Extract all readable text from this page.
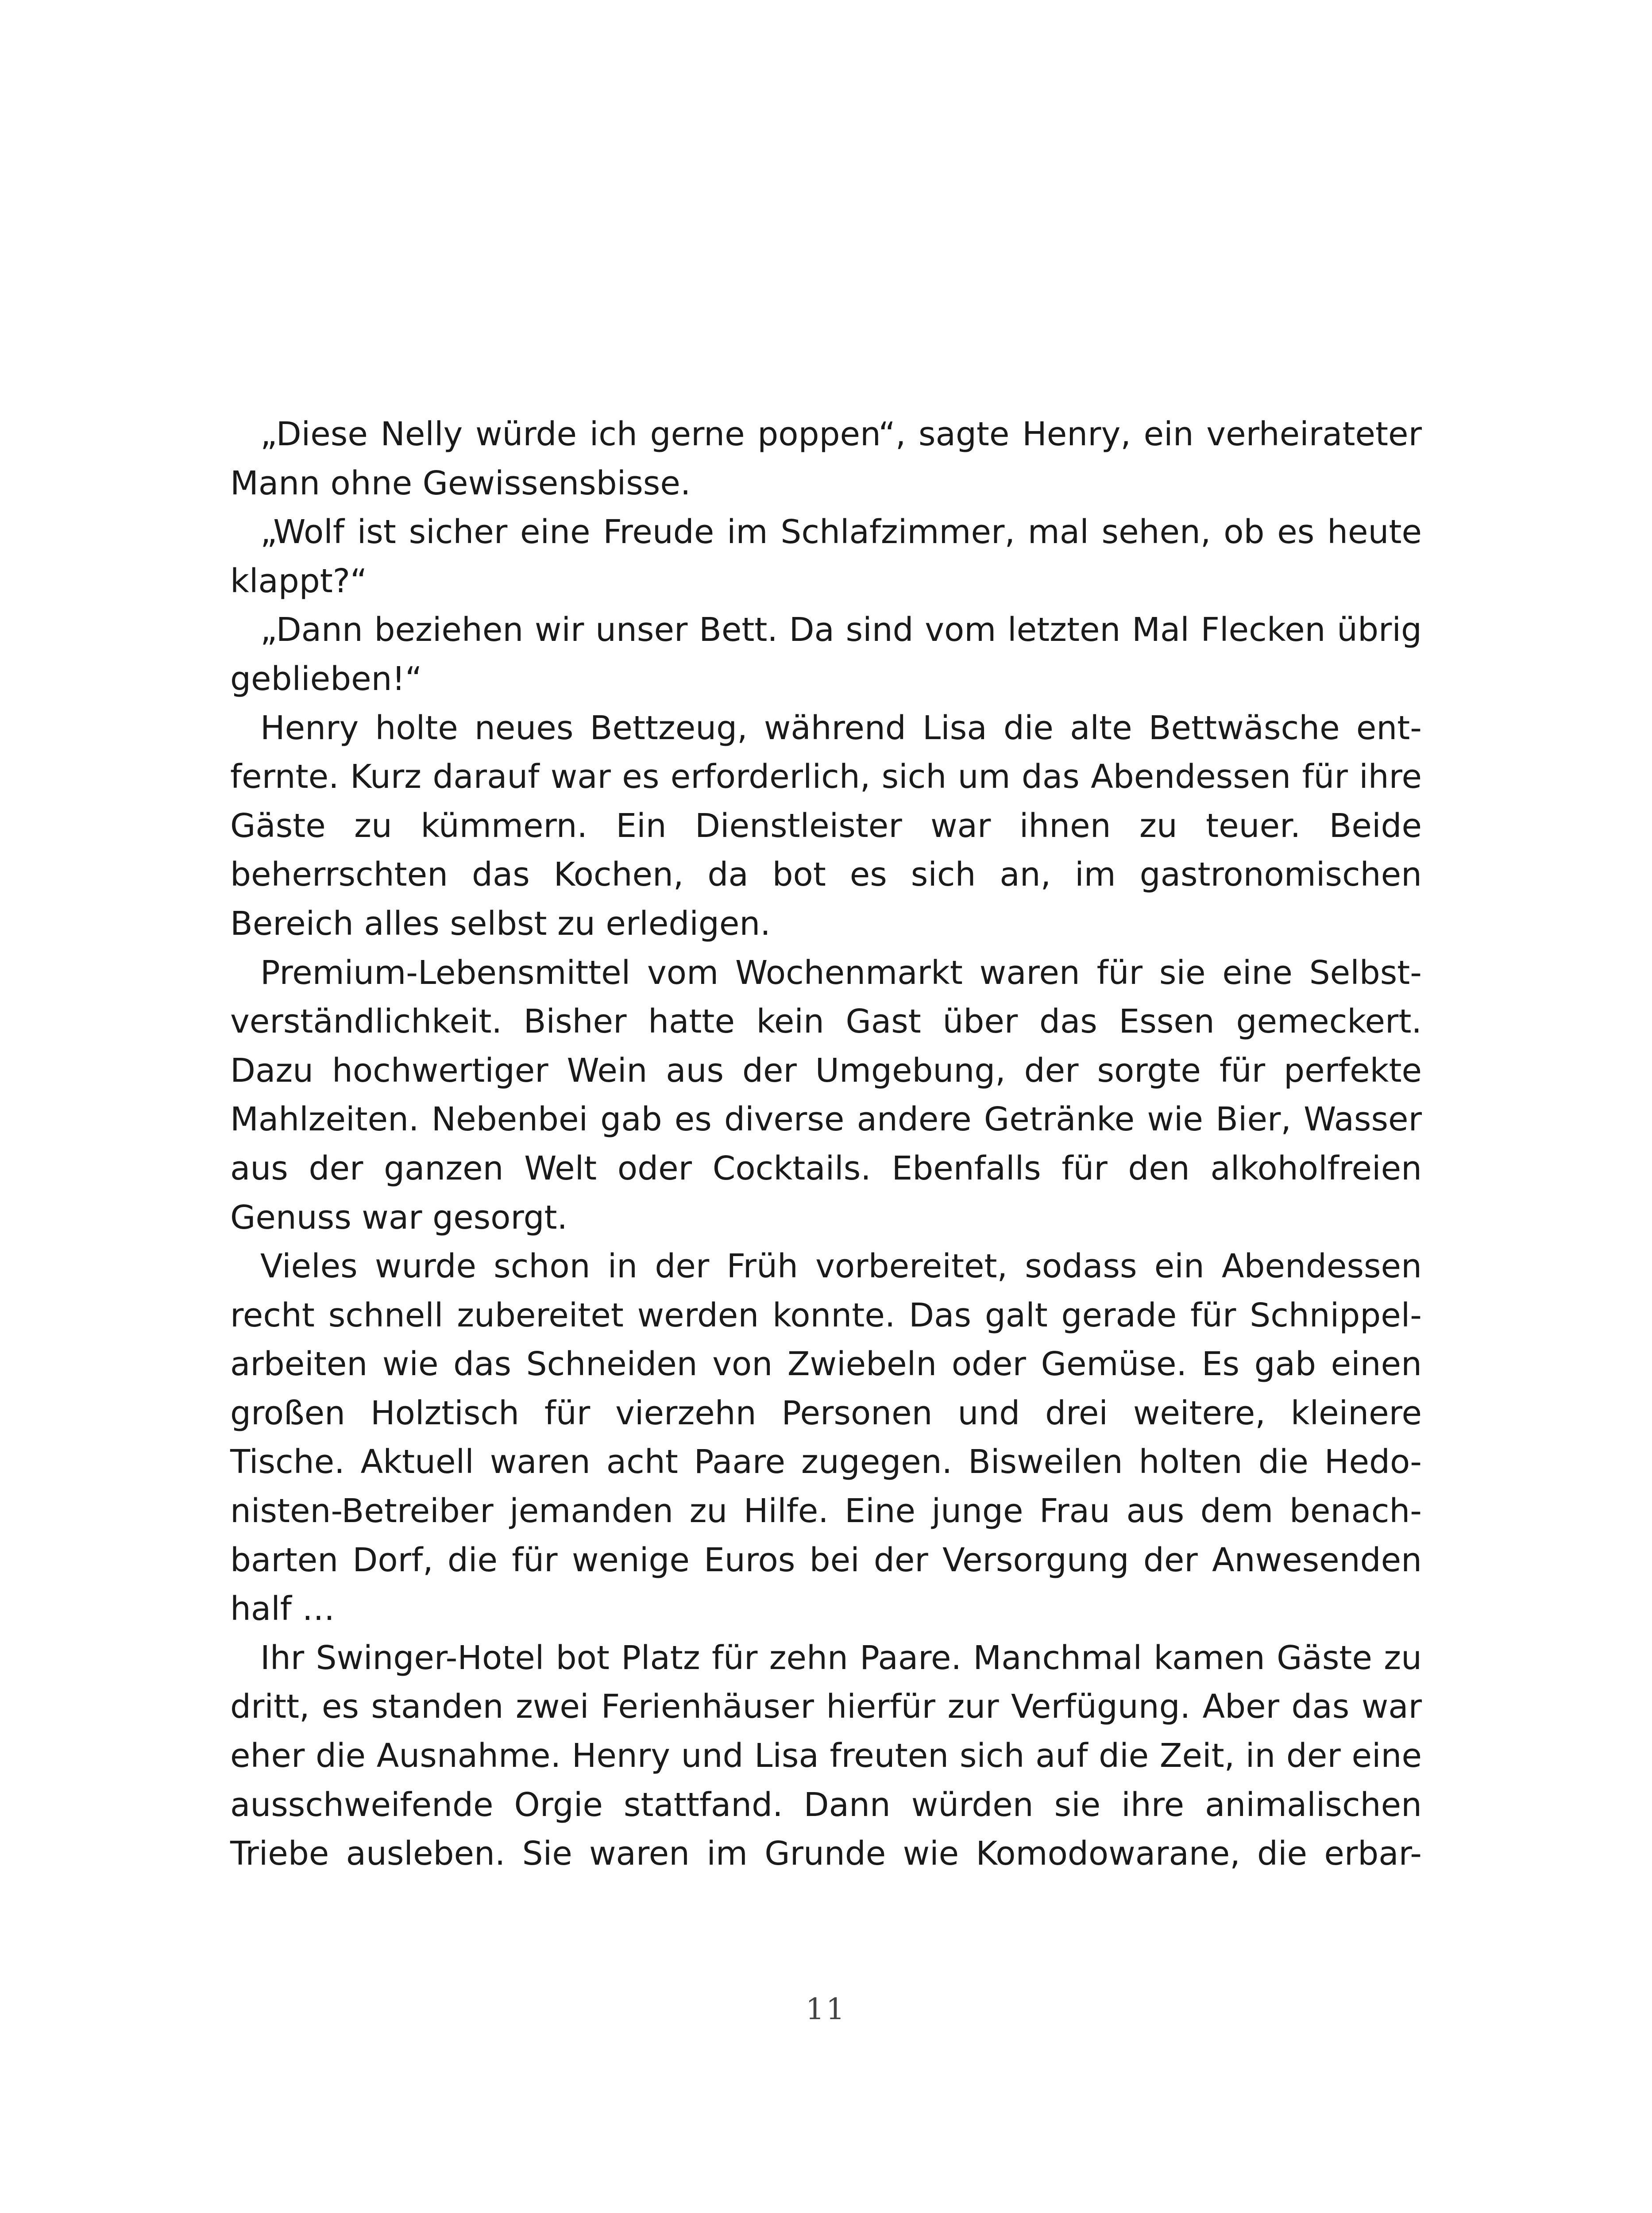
„Diese Nelly würde ich gerne poppen“, sagte Henry, ein verheirateter Mann ohne Gewissensbisse.

„Wolf ist sicher eine Freude im Schlafzimmer, mal sehen, ob es heute klappt?“

„Dann beziehen wir unser Bett. Da sind vom letzten Mal Flecken übrig geblieben!“

Henry holte neues Bettzeug, während Lisa die alte Bettwäsche entfernte. Kurz darauf war es erforderlich, sich um das Abendessen für ihre Gäste zu kümmern. Ein Dienstleister war ihnen zu teuer. Beide beherrschten das Kochen, da bot es sich an, im gastronomischen Bereich alles selbst zu erledigen.

Premium-Lebensmittel vom Wochenmarkt waren für sie eine Selbstverständlichkeit. Bisher hatte kein Gast über das Essen gemeckert. Dazu hochwertiger Wein aus der Umgebung, der sorgte für perfekte Mahlzeiten. Nebenbei gab es diverse andere Getränke wie Bier, Wasser aus der ganzen Welt oder Cocktails. Ebenfalls für den alkoholfreien Genuss war gesorgt.

Vieles wurde schon in der Früh vorbereitet, sodass ein Abendessen recht schnell zubereitet werden konnte. Das galt gerade für Schnippelarbeiten wie das Schneiden von Zwiebeln oder Gemüse. Es gab einen großen Holztisch für vierzehn Personen und drei weitere, kleinere Tische. Aktuell waren acht Paare zugegen. Bisweilen holten die Hedonisten-Betreiber jemanden zu Hilfe. Eine junge Frau aus dem benachbarten Dorf, die für wenige Euros bei der Versorgung der Anwesenden half …

Ihr Swinger-Hotel bot Platz für zehn Paare. Manchmal kamen Gäste zu dritt, es standen zwei Ferienhäuser hierfür zur Verfügung. Aber das war eher die Ausnahme. Henry und Lisa freuten sich auf die Zeit, in der eine ausschweifende Orgie stattfand. Dann würden sie ihre animalischen Triebe ausleben. Sie waren im Grunde wie Komodowarane, die erbar-

11
